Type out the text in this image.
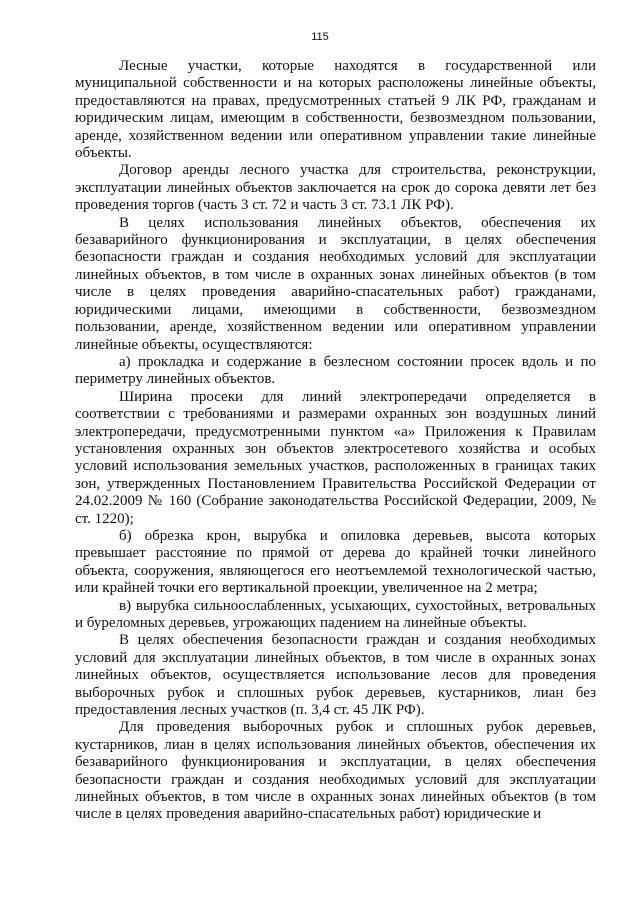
115

Лесные участки, которые находятся в государственной или муниципальной собственности и на которых расположены линейные объекты, предоставляются на правах, предусмотренных статьей 9 ЛК РФ, гражданам и юридическим лицам, имеющим в собственности, безвозмездном пользовании, аренде, хозяйственном ведении или оперативном управлении такие линейные объекты.

Договор аренды лесного участка для строительства, реконструкции, эксплуатации линейных объектов заключается на срок до сорока девяти лет без проведения торгов (часть 3 ст. 72 и часть 3 ст. 73.1 ЛК РФ).

В целях использования линейных объектов, обеспечения их безаварийного функционирования и эксплуатации, в целях обеспечения безопасности граждан и создания необходимых условий для эксплуатации линейных объектов, в том числе в охранных зонах линейных объектов (в том числе в целях проведения аварийно-спасательных работ) гражданами, юридическими лицами, имеющими в собственности, безвозмездном пользовании, аренде, хозяйственном ведении или оперативном управлении линейные объекты, осуществляются:

а) прокладка и содержание в безлесном состоянии просек вдоль и по периметру линейных объектов.

Ширина просеки для линий электропередачи определяется в соответствии с требованиями и размерами охранных зон воздушных линий электропередачи, предусмотренными пунктом «а» Приложения к Правилам установления охранных зон объектов электросетевого хозяйства и особых условий использования земельных участков, расположенных в границах таких зон, утвержденных Постановлением Правительства Российской Федерации от 24.02.2009 № 160 (Собрание законодательства Российской Федерации, 2009, № ст. 1220);

б) обрезка крон, вырубка и опиловка деревьев, высота которых превышает расстояние по прямой от дерева до крайней точки линейного объекта, сооружения, являющегося его неотъемлемой технологической частью, или крайней точки его вертикальной проекции, увеличенное на 2 метра;

в) вырубка сильноослабленных, усыхающих, сухостойных, ветровальных и буреломных деревьев, угрожающих падением на линейные объекты.

В целях обеспечения безопасности граждан и создания необходимых условий для эксплуатации линейных объектов, в том числе в охранных зонах линейных объектов, осуществляется использование лесов для проведения выборочных рубок и сплошных рубок деревьев, кустарников, лиан без предоставления лесных участков (п. 3,4 ст. 45 ЛК РФ).

Для проведения выборочных рубок и сплошных рубок деревьев, кустарников, лиан в целях использования линейных объектов, обеспечения их безаварийного функционирования и эксплуатации, в целях обеспечения безопасности граждан и создания необходимых условий для эксплуатации линейных объектов, в том числе в охранных зонах линейных объектов (в том числе в целях проведения аварийно-спасательных работ) юридические и
